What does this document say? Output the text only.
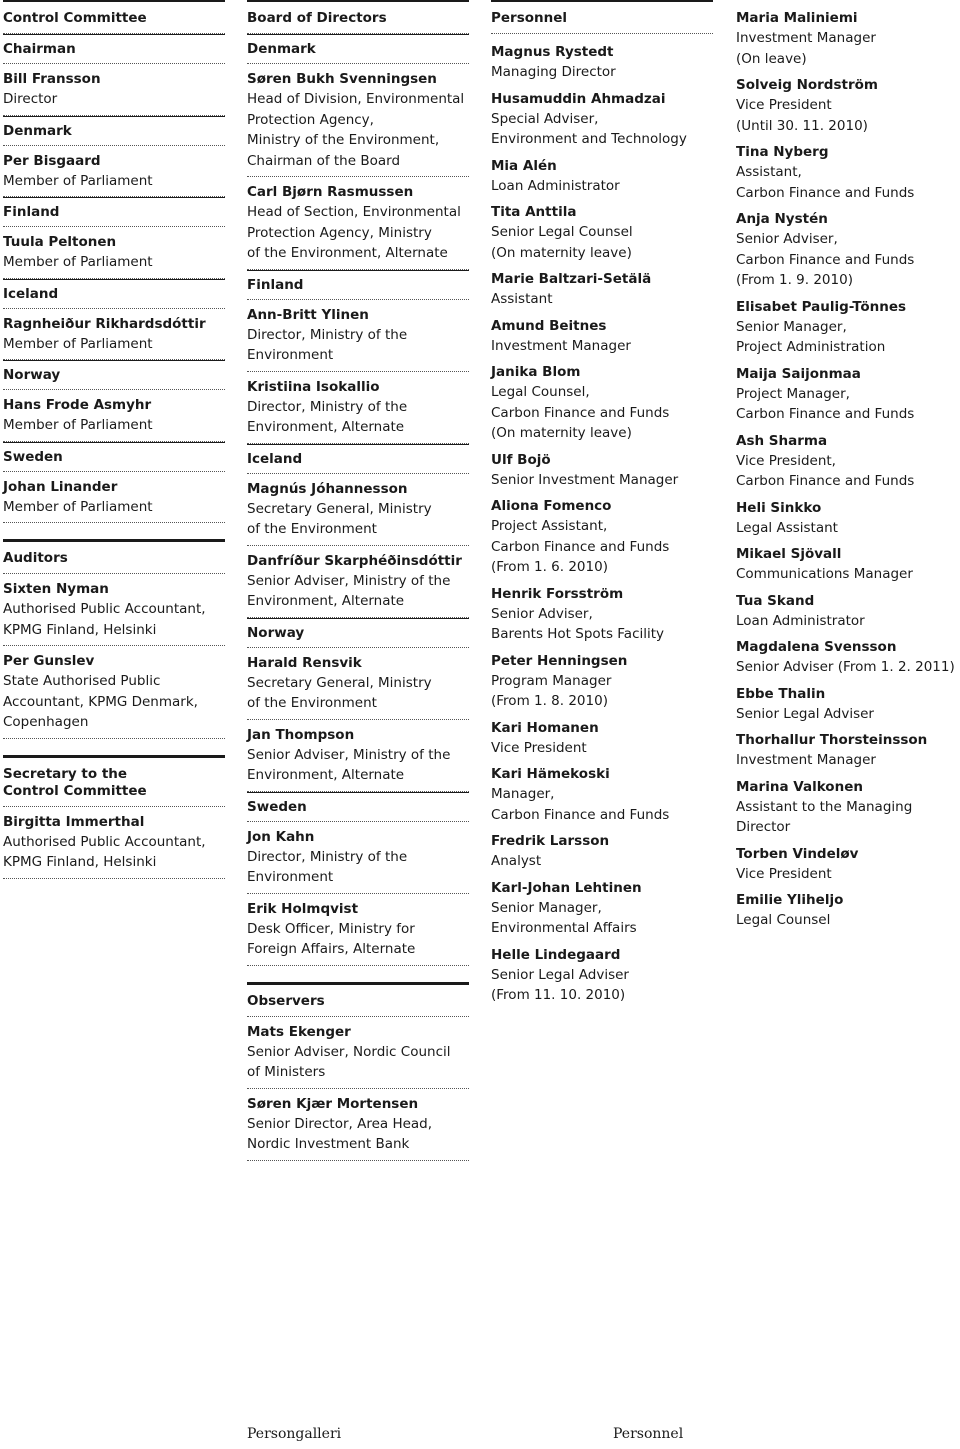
Control Committee
Chairman
Bill Fransson
Director
Denmark
Per Bisgaard
Member of Parliament
Finland
Tuula Peltonen
Member of Parliament
Iceland
Ragnheiður Rikhardsdóttir
Member of Parliament
Norway
Hans Frode Asmyhr
Member of Parliament
Sweden
Johan Linander
Member of Parliament
Auditors
Sixten Nyman
Authorised Public Accountant,
KPMG Finland, Helsinki
Per Gunslev
State Authorised Public
Accountant, KPMG Denmark,
Copenhagen
Secretary to the
Control Committee
Birgitta Immerthal
Authorised Public Accountant,
KPMG Finland, Helsinki
Board of Directors
Denmark
Søren Bukh Svenningsen
Head of Division, Environmental
Protection Agency,
Ministry of the Environment,
Chairman of the Board
Carl Bjørn Rasmussen
Head of Section, Environmental
Protection Agency, Ministry
of the Environment, Alternate
Finland
Ann-Britt Ylinen
Director, Ministry of the
Environment
Kristiina Isokallio
Director, Ministry of the
Environment, Alternate
Iceland
Magnús Jóhannesson
Secretary General, Ministry
of the Environment
Danfríður Skarphéðinsdóttir
Senior Adviser, Ministry of the
Environment, Alternate
Norway
Harald Rensvik
Secretary General, Ministry
of the Environment
Jan Thompson
Senior Adviser, Ministry of the
Environment, Alternate
Sweden
Jon Kahn
Director, Ministry of the
Environment
Erik Holmqvist
Desk Officer, Ministry for
Foreign Affairs, Alternate
Observers
Mats Ekenger
Senior Adviser, Nordic Council
of Ministers
Søren Kjær Mortensen
Senior Director, Area Head,
Nordic Investment Bank
Personnel
Magnus Rystedt
Managing Director
Husamuddin Ahmadzai
Special Adviser,
Environment and Technology
Mia Alén
Loan Administrator
Tita Anttila
Senior Legal Counsel
(On maternity leave)
Marie Baltzari-Setälä
Assistant
Amund Beitnes
Investment Manager
Janika Blom
Legal Counsel,
Carbon Finance and Funds
(On maternity leave)
Ulf Bojö
Senior Investment Manager
Aliona Fomenco
Project Assistant,
Carbon Finance and Funds
(From 1. 6. 2010)
Henrik Forsström
Senior Adviser,
Barents Hot Spots Facility
Peter Henningsen
Program Manager
(From 1. 8. 2010)
Kari Homanen
Vice President
Kari Hämekoski
Manager,
Carbon Finance and Funds
Fredrik Larsson
Analyst
Karl-Johan Lehtinen
Senior Manager,
Environmental Affairs
Helle Lindegaard
Senior Legal Adviser
(From 11. 10. 2010)
Maria Maliniemi
Investment Manager
(On leave)
Solveig Nordström
Vice President
(Until 30. 11. 2010)
Tina Nyberg
Assistant,
Carbon Finance and Funds
Anja Nystén
Senior Adviser,
Carbon Finance and Funds
(From 1. 9. 2010)
Elisabet Paulig-Tönnes
Senior Manager,
Project Administration
Maija Saijonmaa
Project Manager,
Carbon Finance and Funds
Ash Sharma
Vice President,
Carbon Finance and Funds
Heli Sinkko
Legal Assistant
Mikael Sjövall
Communications Manager
Tua Skand
Loan Administrator
Magdalena Svensson
Senior Adviser (From 1. 2. 2011)
Ebbe Thalin
Senior Legal Adviser
Thorhallur Thorsteinsson
Investment Manager
Marina Valkonen
Assistant to the Managing
Director
Torben Vindeløv
Vice President
Emilie Yliheljo
Legal Counsel
Persongalleri	Personnel
